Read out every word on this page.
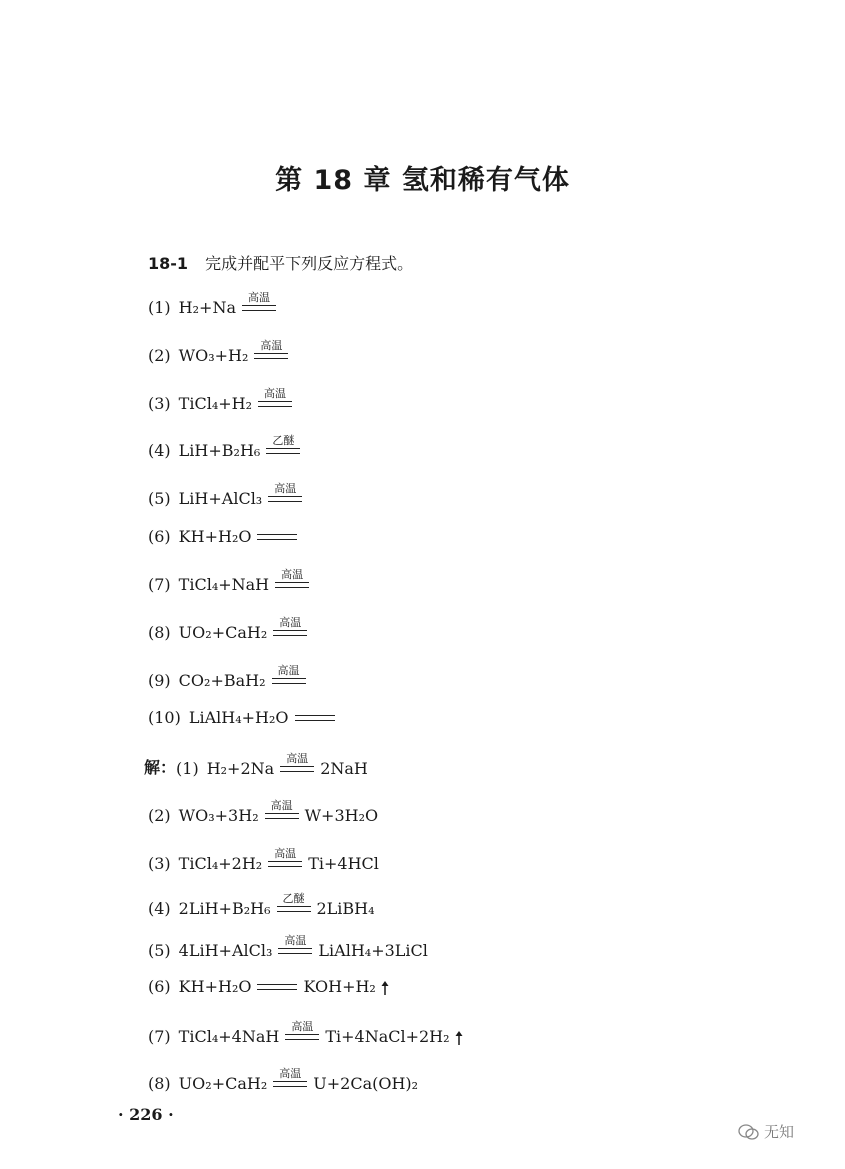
第 18 章 氢和稀有气体
18-1 完成并配平下列反应方程式。
(1) H₂+Na
高温
(2) WO₃+H₂
高温
(3) TiCl₄+H₂
高温
(4) LiH+B₂H₆
乙醚
(5) LiH+AlCl₃
高温
(6) KH+H₂O
(7) TiCl₄+NaH
高温
(8) UO₂+CaH₂
高温
(9) CO₂+BaH₂
高温
(10) LiAlH₄+H₂O
解： (1) H₂+2Na
高温
2NaH
(2) WO₃+3H₂
高温
W+3H₂O
(3) TiCl₄+2H₂
高温
Ti+4HCl
(4) 2LiH+B₂H₆
乙醚
2LiBH₄
(5) 4LiH+AlCl₃
高温
LiAlH₄+3LiCl
(6) KH+H₂O	KOH+H₂
(7) TiCl₄+4NaH
高温
Ti+4NaCl+2H₂
(8) UO₂+CaH₂
高温
U+2Ca(OH)₂
· 226 ·
无知
